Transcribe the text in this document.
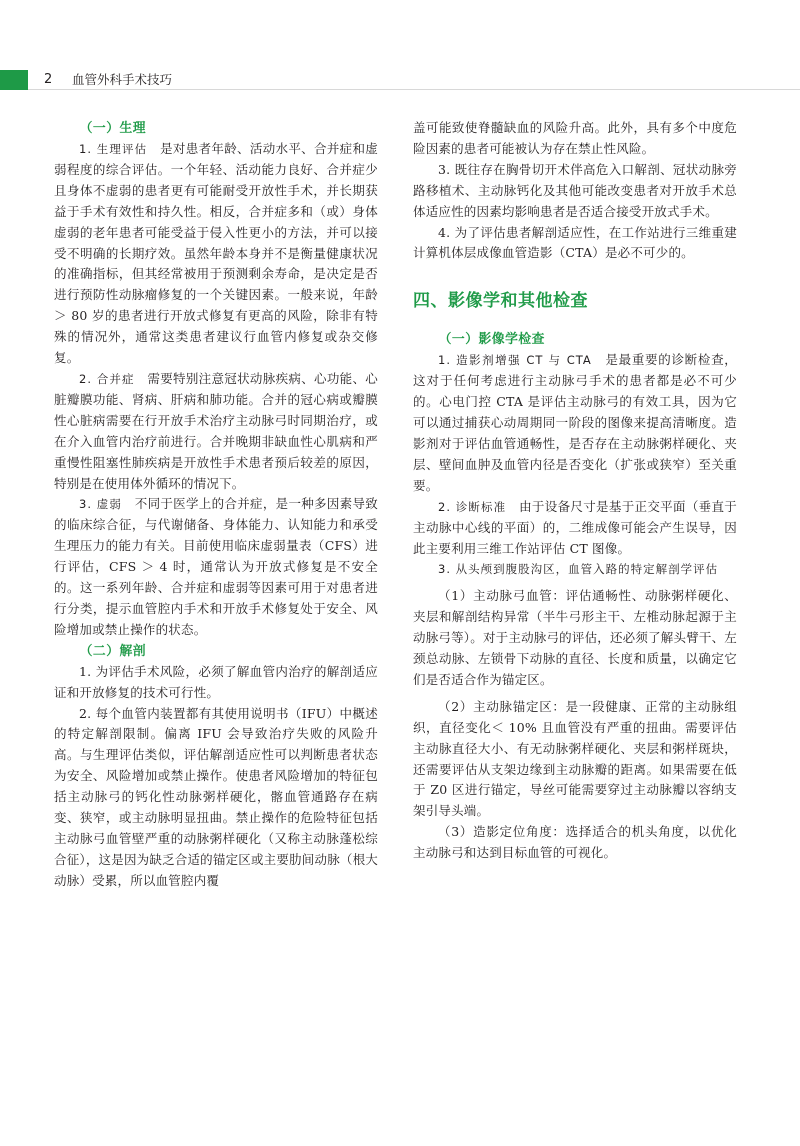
2 血管外科手术技巧
（一）生理

1. 生理评估　是对患者年龄、活动水平、合并症和虚弱程度的综合评估。一个年轻、活动能力良好、合并症少且身体不虚弱的患者更有可能耐受开放性手术，并长期获益于手术有效性和持久性。相反，合并症多和（或）身体虚弱的老年患者可能受益于侵入性更小的方法，并可以接受不明确的长期疗效。虽然年龄本身并不是衡量健康状况的准确指标，但其经常被用于预测剩余寿命，是决定是否进行预防性动脉瘤修复的一个关键因素。一般来说，年龄＞ 80 岁的患者进行开放式修复有更高的风险，除非有特殊的情况外，通常这类患者建议行血管内修复或杂交修复。

2. 合并症　需要特别注意冠状动脉疾病、心功能、心脏瓣膜功能、肾病、肝病和肺功能。合并的冠心病或瓣膜性心脏病需要在行开放手术治疗主动脉弓时同期治疗，或在介入血管内治疗前进行。合并晚期非缺血性心肌病和严重慢性阻塞性肺疾病是开放性手术患者预后较差的原因，特别是在使用体外循环的情况下。

3. 虚弱　不同于医学上的合并症，是一种多因素导致的临床综合征，与代谢储备、身体能力、认知能力和承受生理压力的能力有关。目前使用临床虚弱量表（CFS）进行评估，CFS ＞ 4 时，通常认为开放式修复是不安全的。这一系列年龄、合并症和虚弱等因素可用于对患者进行分类，提示血管腔内手术和开放手术修复处于安全、风险增加或禁止操作的状态。

（二）解剖

1. 为评估手术风险，必须了解血管内治疗的解剖适应证和开放修复的技术可行性。

2. 每个血管内装置都有其使用说明书（IFU）中概述的特定解剖限制。偏离 IFU 会导致治疗失败的风险升高。与生理评估类似，评估解剖适应性可以判断患者状态为安全、风险增加或禁止操作。使患者风险增加的特征包括主动脉弓的钙化性动脉粥样硬化，髂血管通路存在病变、狭窄，或主动脉明显扭曲。禁止操作的危险特征包括主动脉弓血管壁严重的动脉粥样硬化（又称主动脉蓬松综合征），这是因为缺乏合适的锚定区或主要肋间动脉（根大动脉）受累，所以血管腔内覆

盖可能致使脊髓缺血的风险升高。此外，具有多个中度危险因素的患者可能被认为存在禁止性风险。

3. 既往存在胸骨切开术伴高危入口解剖、冠状动脉旁路移植术、主动脉钙化及其他可能改变患者对开放手术总体适应性的因素均影响患者是否适合接受开放式手术。

4. 为了评估患者解剖适应性，在工作站进行三维重建计算机体层成像血管造影（CTA）是必不可少的。

四、影像学和其他检查
（一）影像学检查

1. 造影剂增强 CT 与 CTA　是最重要的诊断检查，这对于任何考虑进行主动脉弓手术的患者都是必不可少的。心电门控 CTA 是评估主动脉弓的有效工具，因为它可以通过捕获心动周期同一阶段的图像来提高清晰度。造影剂对于评估血管通畅性，是否存在主动脉粥样硬化、夹层、壁间血肿及血管内径是否变化（扩张或狭窄）至关重要。

2. 诊断标准　由于设备尺寸是基于正交平面（垂直于主动脉中心线的平面）的，二维成像可能会产生误导，因此主要利用三维工作站评估 CT 图像。

3. 从头颅到腹股沟区，血管入路的特定解剖学评估

（1）主动脉弓血管：评估通畅性、动脉粥样硬化、夹层和解剖结构异常（半牛弓形主干、左椎动脉起源于主动脉弓等）。对于主动脉弓的评估，还必须了解头臂干、左颈总动脉、左锁骨下动脉的直径、长度和质量，以确定它们是否适合作为锚定区。

（2）主动脉锚定区：是一段健康、正常的主动脉组织，直径变化＜ 10% 且血管没有严重的扭曲。需要评估主动脉直径大小、有无动脉粥样硬化、夹层和粥样斑块，还需要评估从支架边缘到主动脉瓣的距离。如果需要在低于 Z0 区进行锚定，导丝可能需要穿过主动脉瓣以容纳支架引导头端。

（3）造影定位角度：选择适合的机头角度，以优化主动脉弓和达到目标血管的可视化。
